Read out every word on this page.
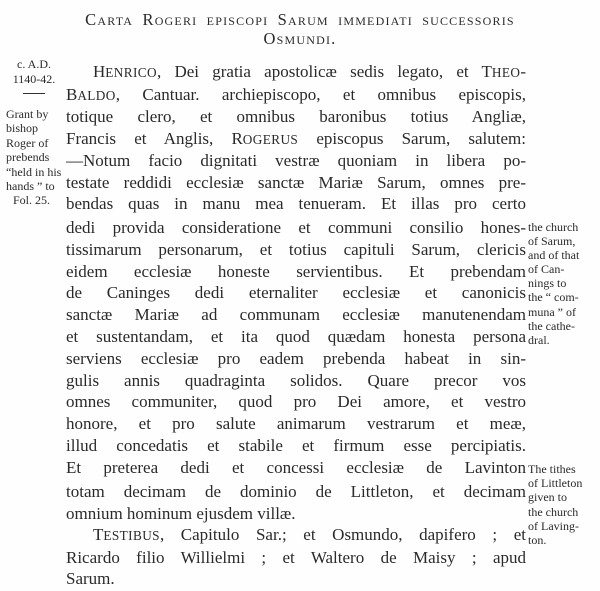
Carta Rogeri episcopi Sarum immediati successoris
Osmundi.
c. A.D.
1140-42.
Grant by
bishop
Roger of
prebends
“held in his
hands ” to
Fol. 25.
HENRICO, Dei gratia apostolicæ sedis legato, et THEO-
BALDO, Cantuar. archiepiscopo, et omnibus episcopis,
totique clero, et omnibus baronibus totius Angliæ,
Francis et Anglis, ROGERUS episcopus Sarum, salutem:
—Notum facio dignitati vestræ quoniam in libera po-
testate reddidi ecclesiæ sanctæ Mariæ Sarum, omnes pre-
bendas quas in manu mea tenueram. Et illas pro certo
dedi provida consideratione et communi consilio hones-
tissimarum personarum, et totius capituli Sarum, clericis
eidem ecclesiæ honeste servientibus. Et prebendam
de Caninges dedi eternaliter ecclesiæ et canonicis
sanctæ Mariæ ad communam ecclesiæ manutenendam
et sustentandam, et ita quod quædam honesta persona
serviens ecclesiæ pro eadem prebenda habeat in sin-
gulis annis quadraginta solidos. Quare precor vos
omnes communiter, quod pro Dei amore, et vestro
honore, et pro salute animarum vestrarum et meæ,
illud concedatis et stabile et firmum esse percipiatis.
Et preterea dedi et concessi ecclesiæ de Lavinton
totam decimam de dominio de Littleton, et decimam
omnium hominum ejusdem villæ.
TESTIBUS, Capitulo Sar.; et Osmundo, dapifero ; et
Ricardo filio Willielmi ; et Waltero de Maisy ; apud
Sarum.
the church
of Sarum,
and of that
of Can-
nings to
the “ com-
muna ” of
the cathe-
dral.
The tithes
of Littleton
given to
the church
of Laving-
ton.
